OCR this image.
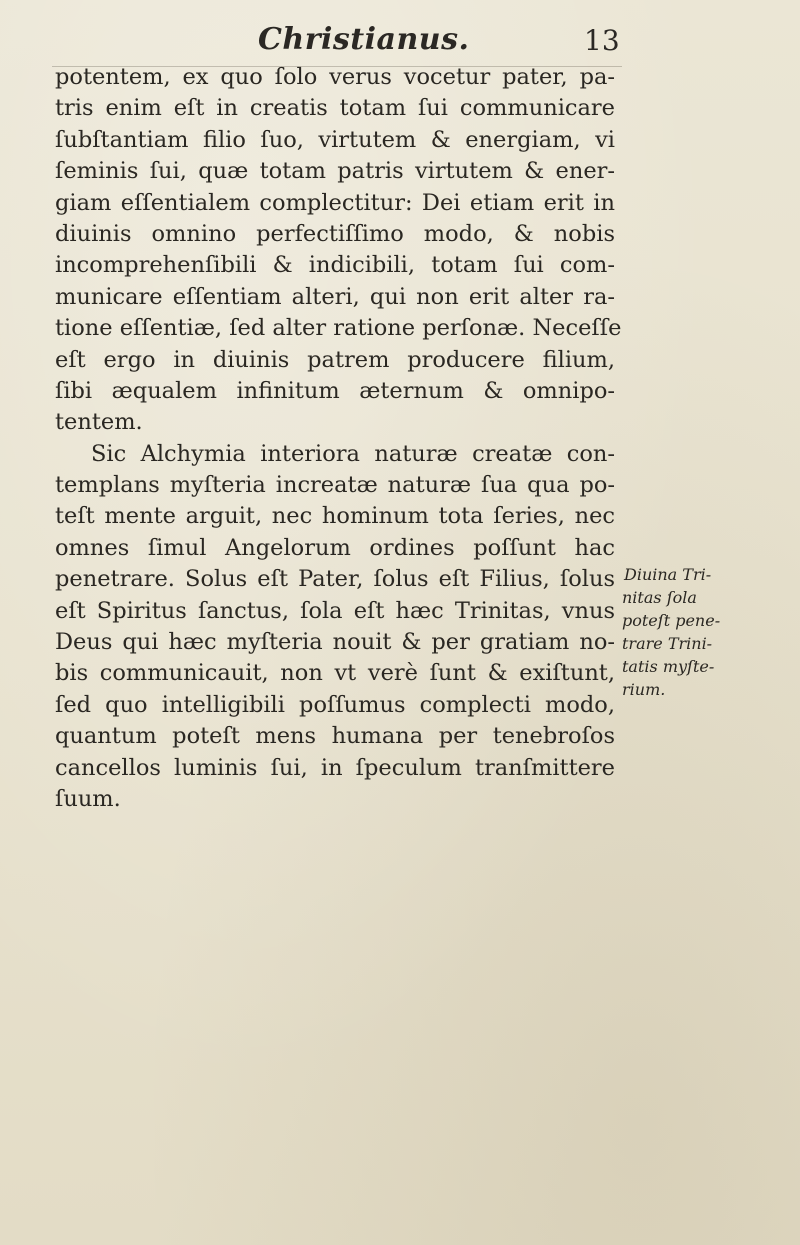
Christianus.	13
potentem, ex quo ſolo verus vocetur pater, pa-
tris enim eſt in creatis totam ſui communicare
ſubſtantiam filio ſuo, virtutem & energiam, vi
ſeminis ſui, quæ totam patris virtutem & ener-
giam eſſentialem complectitur: Dei etiam erit in
diuinis omnino perfectiſſimo modo, & nobis
incomprehenſibili & indicibili, totam ſui com-
municare eſſentiam alteri, qui non erit alter ra-
tione eſſentiæ, ſed alter ratione perſonæ. Neceſſe
eſt ergo in diuinis patrem producere filium,
ſibi æqualem infinitum æternum & omnipo-
tentem.
Sic Alchymia interiora naturæ creatæ con-
templans myſteria increatæ naturæ ſua qua po-
teſt mente arguit, nec hominum tota ſeries, nec
omnes ſimul Angelorum ordines poſſunt hac
penetrare. Solus eſt Pater, ſolus eſt Filius, ſolus
eſt Spiritus ſanctus, ſola eſt hæc Trinitas, vnus
Deus qui hæc myſteria nouit & per gratiam no-
bis communicauit, non vt verè ſunt & exiſtunt,
ſed quo intelligibili poſſumus complecti modo,
quantum poteſt mens humana per tenebroſos
cancellos luminis ſui, in ſpeculum tranſmittere
ſuum.
Diuina Tri-
nitas ſola
poteſt pene-
trare Trini-
tatis myſte-
rium.
